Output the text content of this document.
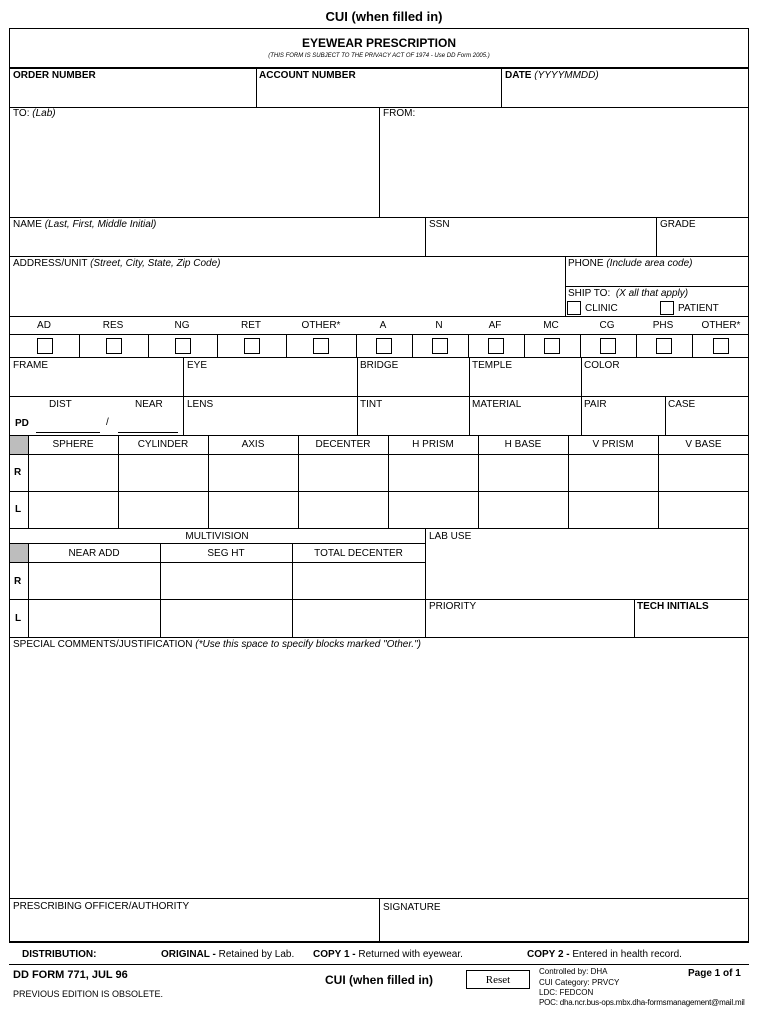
CUI (when filled in)
EYEWEAR PRESCRIPTION
(THIS FORM IS SUBJECT TO THE PRIVACY ACT OF 1974 - Use DD Form 2005.)
ORDER NUMBER	ACCOUNT NUMBER	DATE (YYYYMMDD)
TO: (Lab)	FROM:
NAME (Last, First, Middle Initial)	SSN	GRADE
ADDRESS/UNIT (Street, City, State, Zip Code)	PHONE (Include area code)
SHIP TO: (X all that apply)
CLINIC	PATIENT
AD	RES	NG	RET	OTHER*	A	N	AF	MC	CG	PHS	OTHER*
FRAME	EYE	BRIDGE	TEMPLE	COLOR
DIST	NEAR
PD	/
LENS	TINT	MATERIAL	PAIR	CASE
SPHERE	CYLINDER	AXIS	DECENTER	H PRISM	H BASE	V PRISM	V BASE
R
L
MULTIVISION
NEAR ADD	SEG HT	TOTAL DECENTER
R
L
LAB USE
PRIORITY	TECH INITIALS
SPECIAL COMMENTS/JUSTIFICATION (*Use this space to specify blocks marked "Other.")
PRESCRIBING OFFICER/AUTHORITY	SIGNATURE
DISTRIBUTION:	ORIGINAL - Retained by Lab. COPY 1 - Returned with eyewear.	COPY 2 - Entered in health record.
DD FORM 771, JUL 96
PREVIOUS EDITION IS OBSOLETE.
CUI (when filled in)	Reset
Controlled by: DHA
CUI Category: PRVCY
LDC: FEDCON
POC: dha.ncr.bus-ops.mbx.dha-formsmanagement@mail.mil
Page 1 of 1
